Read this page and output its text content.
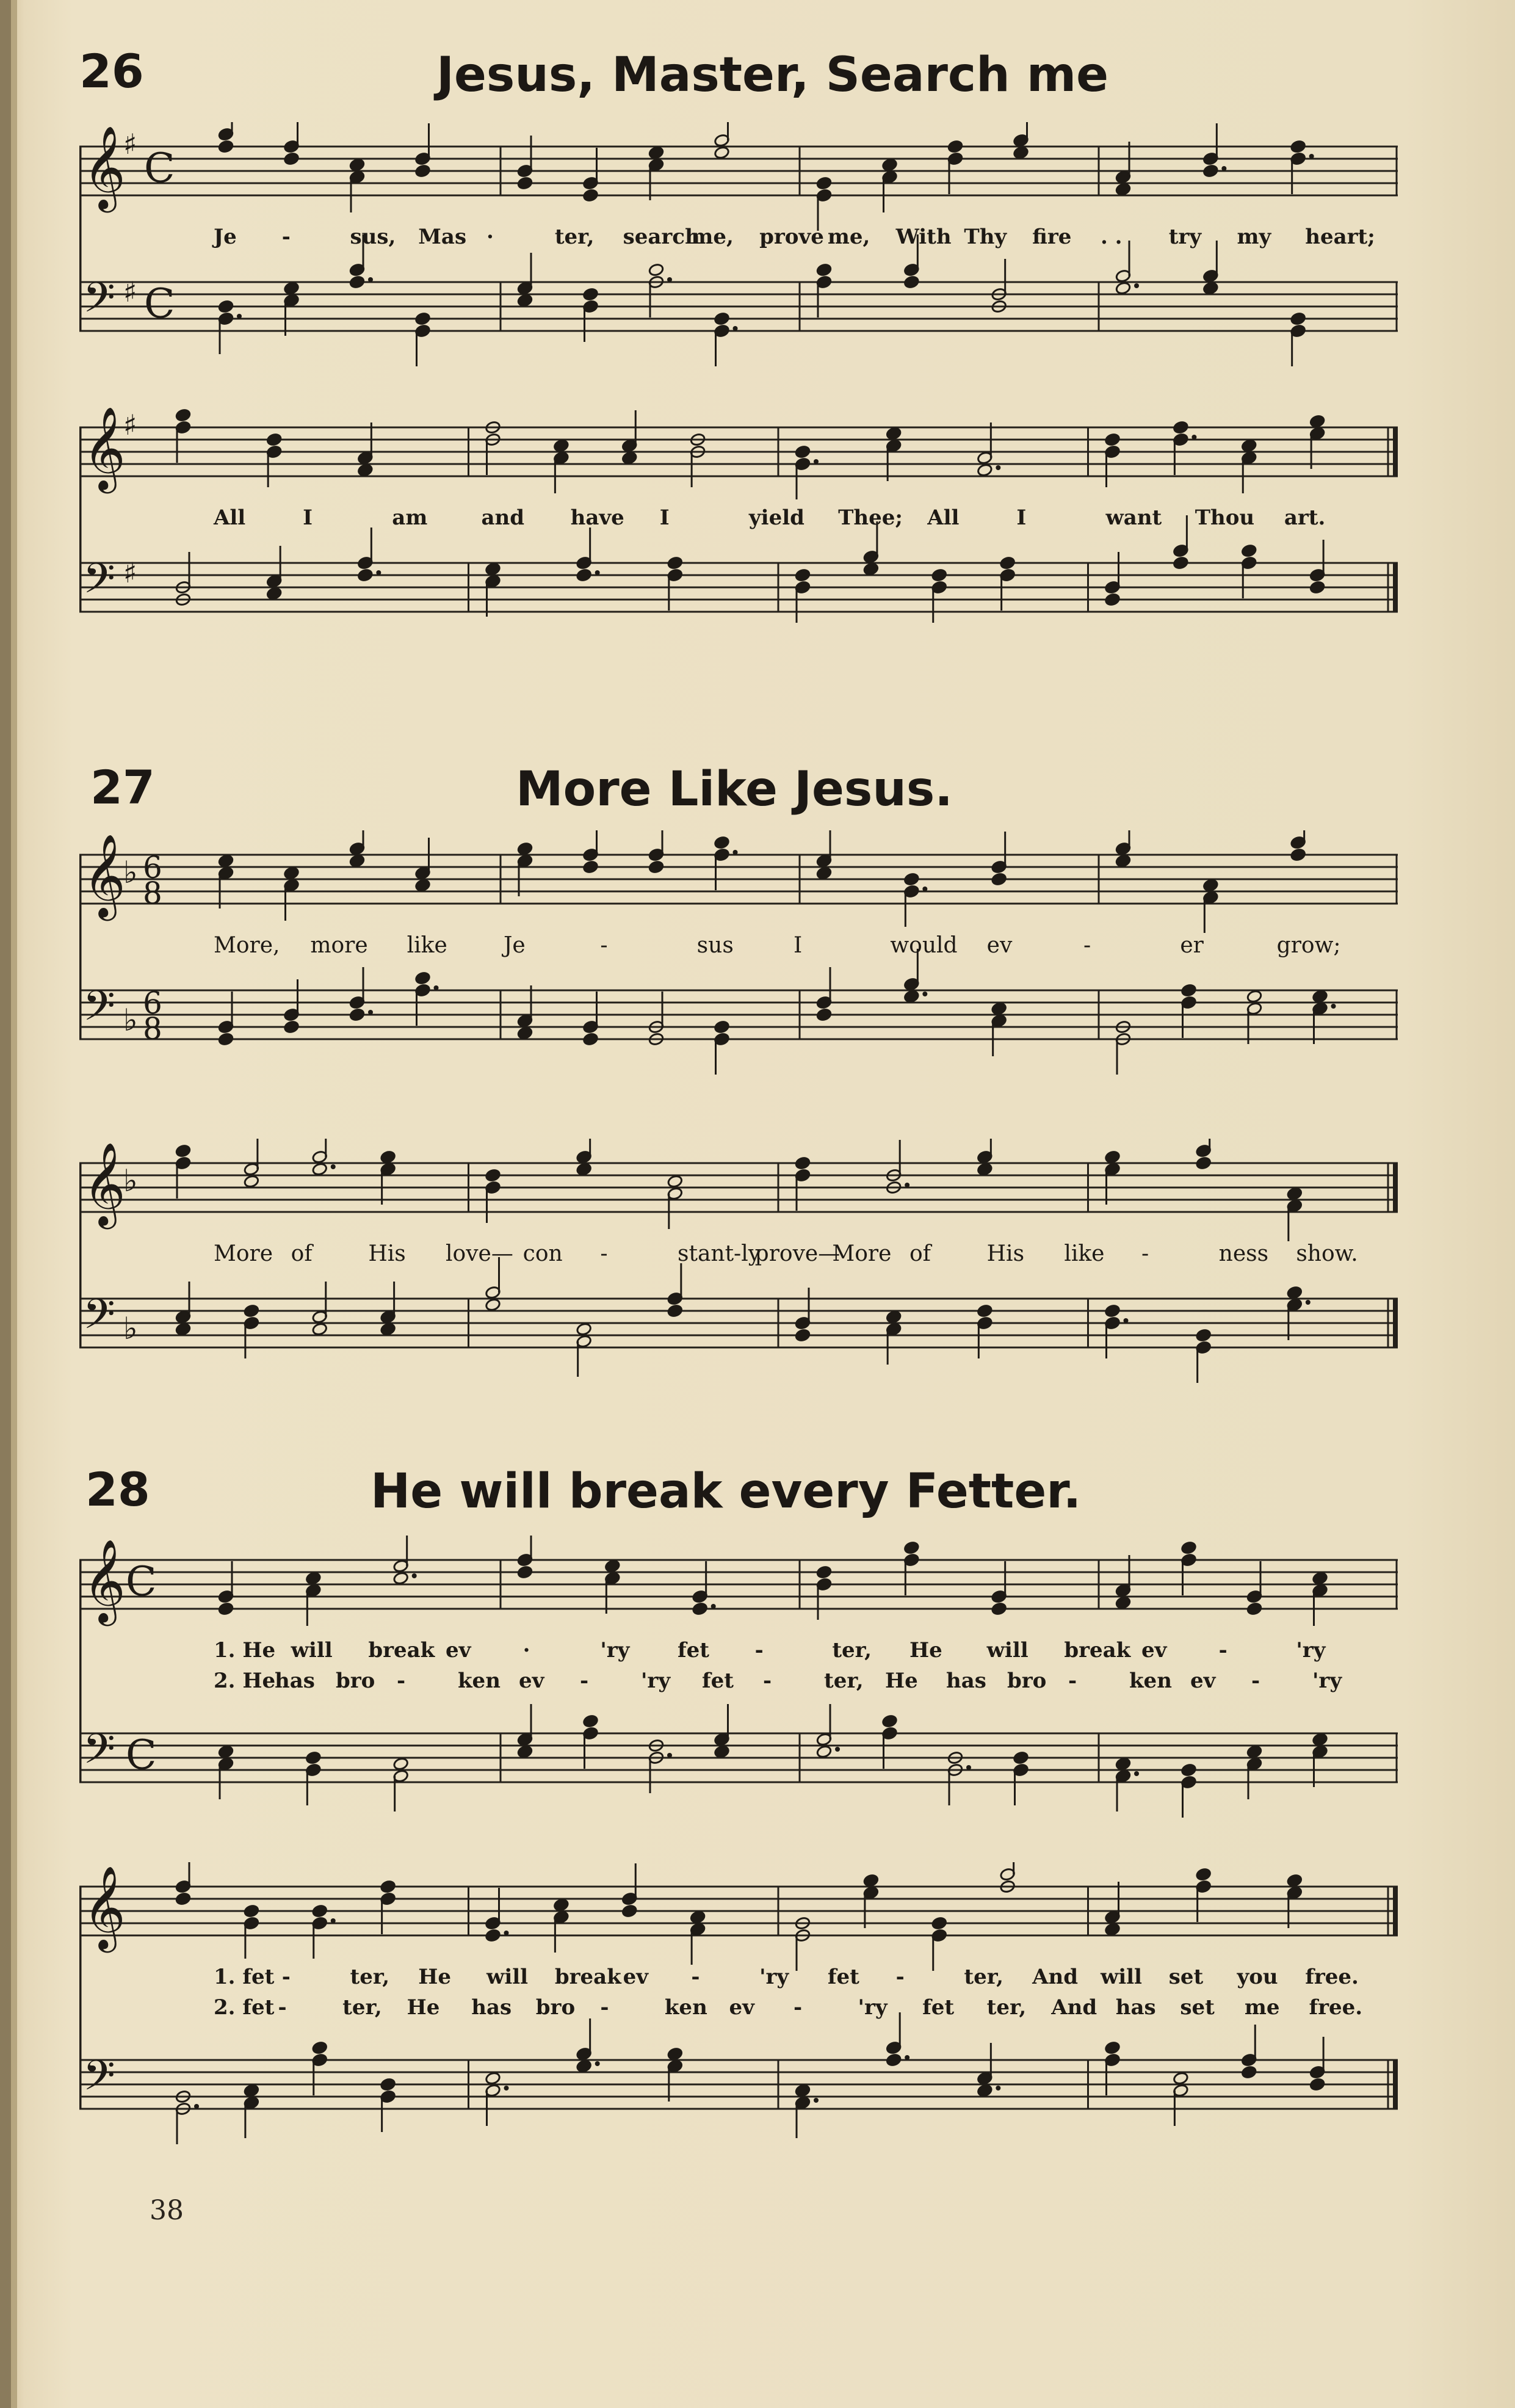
26	Jesus, Master, Search me
𝄞
♯
C
𝄢 ♯ C
Je -	sus, Mas ·	ter, search
me, prove me, With Thy fire . . try my heart;
𝄞
♯
𝄢 ♯
All	I	am	and have I	yield Thee; All	I	want Thou art.
27	More Like Jesus.
𝄞
♭ 6
8
𝄢 ♭ 6
8
More, more like	Je	-	sus	I	would ev	-	er	grow;
𝄞
♭
𝄢 ♭
More of	His love— con -	stant-ly
prove—
More of	His like -	ness show.
28	He will break every Fetter.
𝄞 C
𝄢 C
1. He will break ev	·	'ry fet -	ter, He will break ev	-	'ry
2. He
has bro -	ken ev -	'ry fet -	ter, He has bro -	ken ev -	'ry
𝄞
𝄢
1. fet -	ter, He will break ev -	'ry fet -	ter, And will set you free.
2. fet -	ter, He has bro -	ken ev -	'ry fet ter, And has set me free.
38
